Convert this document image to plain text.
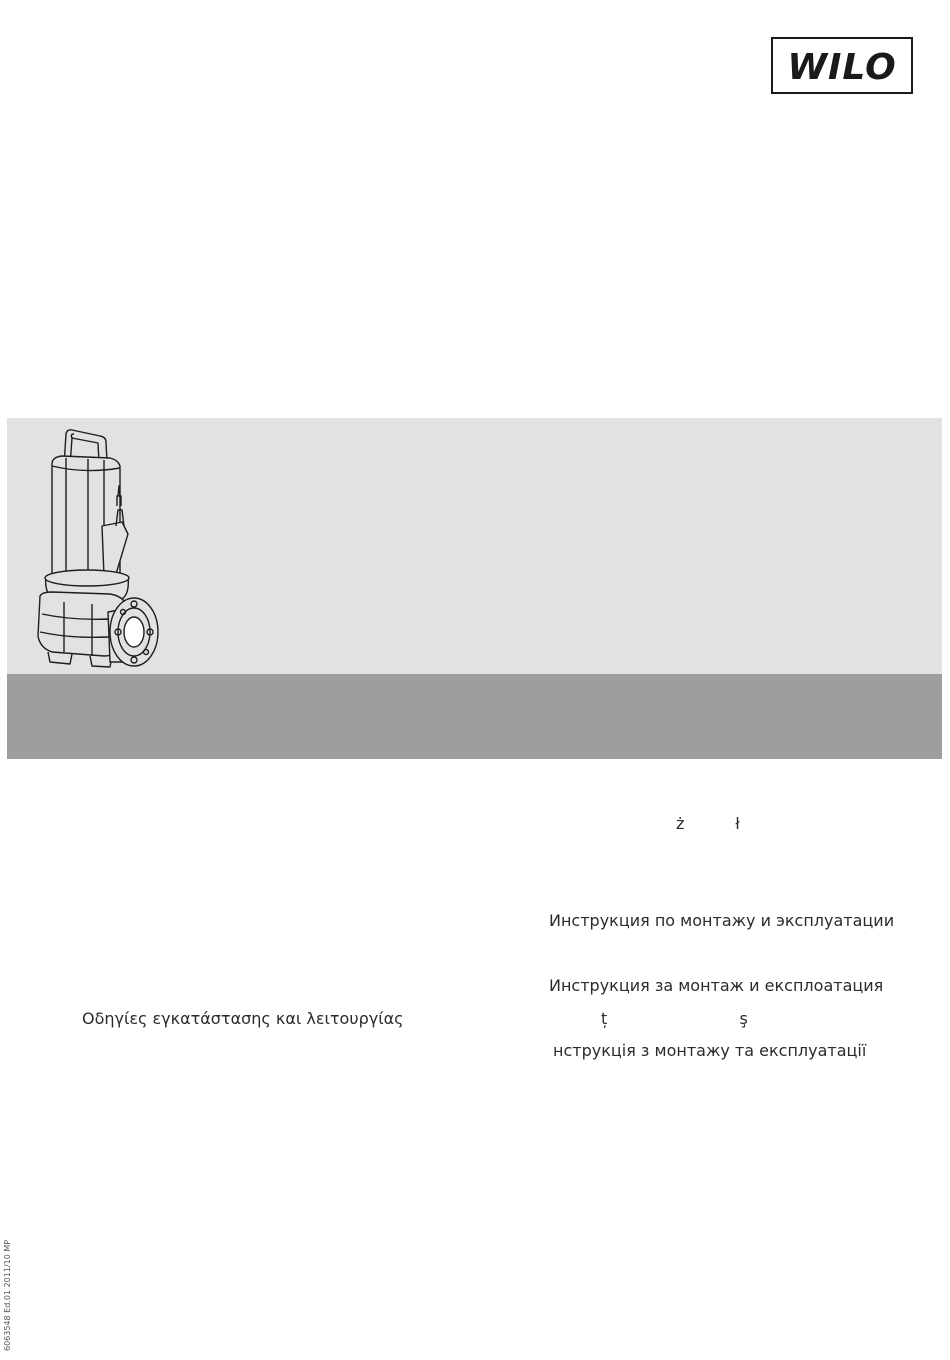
WILO
ż          ł
Инструкция по монтажу и эксплуатации
Инструкция за монтаж и експлоатация
Οδηγίες εγκατάστασης και λειτουργίας	ț                          ş
нструкція з монтажу та експлуатації
6063548 Ed.01 2011/10 MP
